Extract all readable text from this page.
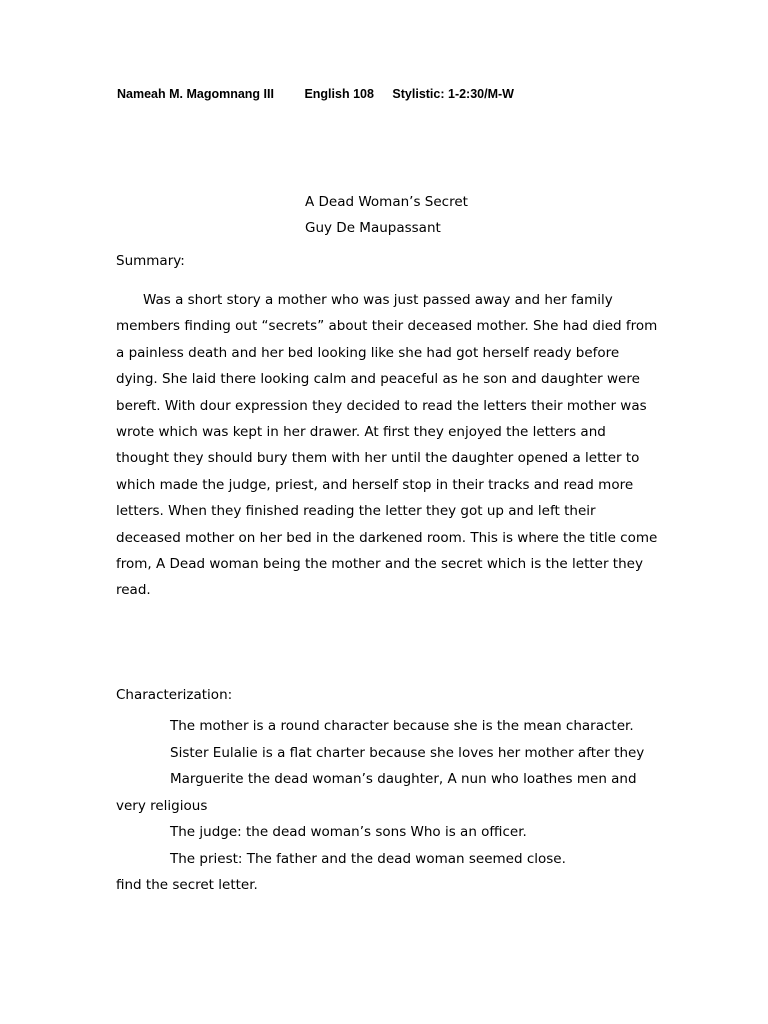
Nameah M. Magomnang III English 108 Stylistic: 1-2:30/M-W
A Dead Woman’s Secret
Guy De Maupassant
Summary:
Was a short story a mother who was just passed away and her family
members finding out “secrets” about their deceased mother. She had died from
a painless death and her bed looking like she had got herself ready before
dying. She laid there looking calm and peaceful as he son and daughter were
bereft. With dour expression they decided to read the letters their mother was
wrote which was kept in her drawer. At first they enjoyed the letters and
thought they should bury them with her until the daughter opened a letter to
which made the judge, priest, and herself stop in their tracks and read more
letters. When they finished reading the letter they got up and left their
deceased mother on her bed in the darkened room. This is where the title come
from, A Dead woman being the mother and the secret which is the letter they
read.
Characterization:
The mother is a round character because she is the mean character.
Sister Eulalie is a flat charter because she loves her mother after they
Marguerite the dead woman’s daughter, A nun who loathes men and
very religious
The judge: the dead woman’s sons Who is an officer.
The priest: The father and the dead woman seemed close.
find the secret letter.
